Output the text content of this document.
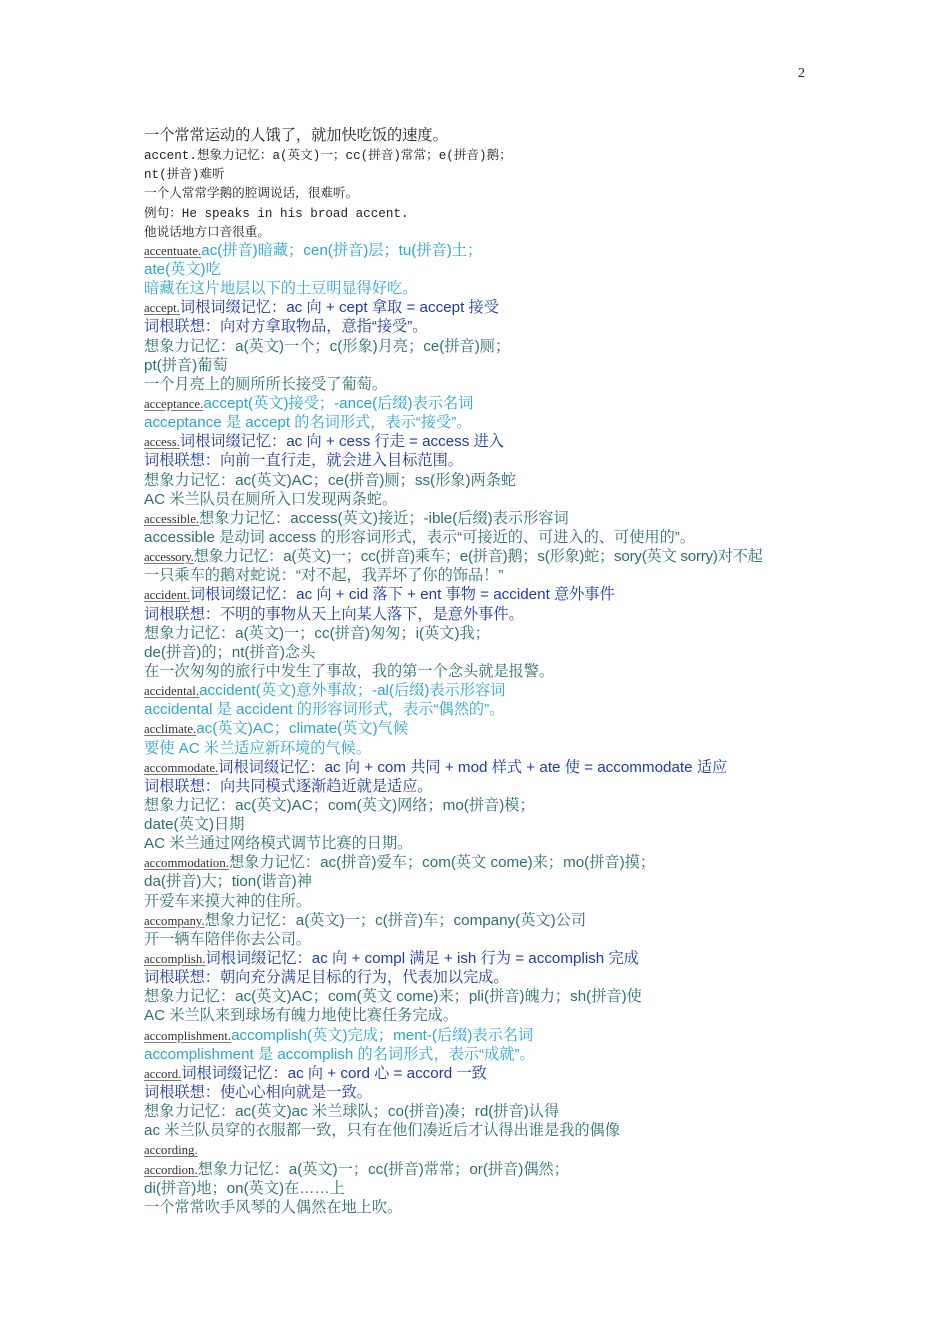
2
一个常常运动的人饿了，就加快吃饭的速度。
accent.想象力记忆：a(英文)一；cc(拼音)常常；e(拼音)鹅；
nt(拼音)难听
一个人常常学鹅的腔调说话，很难听。
例句：He speaks in his broad accent.
他说话地方口音很重。
accentuate.ac(拼音)暗藏；cen(拼音)层；tu(拼音)土；
ate(英文)吃
暗藏在这片地层以下的土豆明显得好吃。
accept.词根词缀记忆：ac 向 + cept 拿取 = accept 接受
词根联想：向对方拿取物品，意指“接受”。
想象力记忆：a(英文)一个；c(形象)月亮；ce(拼音)厕；
pt(拼音)葡萄
一个月亮上的厕所所长接受了葡萄。
acceptance.accept(英文)接受；-ance(后缀)表示名词
acceptance 是 accept 的名词形式，表示“接受”。
access.词根词缀记忆：ac 向 + cess 行走 = access 进入
词根联想：向前一直行走，就会进入目标范围。
想象力记忆：ac(英文)AC；ce(拼音)厕；ss(形象)两条蛇
AC 米兰队员在厕所入口发现两条蛇。
accessible.想象力记忆：access(英文)接近；-ible(后缀)表示形容词
accessible 是动词 access 的形容词形式，表示“可接近的、可进入的、可使用的”。
accessory.想象力记忆：a(英文)一；cc(拼音)乘车；e(拼音)鹅；s(形象)蛇；sory(英文 sorry)对不起
一只乘车的鹅对蛇说：“对不起，我弄坏了你的饰品！”
accident.词根词缀记忆：ac 向 + cid 落下 + ent 事物 = accident 意外事件
词根联想：不明的事物从天上向某人落下，是意外事件。
想象力记忆：a(英文)一；cc(拼音)匆匆；i(英文)我；
de(拼音)的；nt(拼音)念头
在一次匆匆的旅行中发生了事故，我的第一个念头就是报警。
accidental.accident(英文)意外事故；-al(后缀)表示形容词
accidental 是 accident 的形容词形式，表示“偶然的”。
acclimate.ac(英文)AC；climate(英文)气候
要使 AC 米兰适应新环境的气候。
accommodate.词根词缀记忆：ac 向 + com 共同 + mod 样式 + ate 使 = accommodate 适应
词根联想：向共同模式逐渐趋近就是适应。
想象力记忆：ac(英文)AC；com(英文)网络；mo(拼音)模；
date(英文)日期
AC 米兰通过网络模式调节比赛的日期。
accommodation.想象力记忆：ac(拼音)爱车；com(英文 come)来；mo(拼音)摸；
da(拼音)大；tion(谐音)神
开爱车来摸大神的住所。
accompany.想象力记忆：a(英文)一；c(拼音)车；company(英文)公司
开一辆车陪伴你去公司。
accomplish.词根词缀记忆：ac 向 + compl 满足 + ish 行为 = accomplish 完成
词根联想：朝向充分满足目标的行为，代表加以完成。
想象力记忆：ac(英文)AC；com(英文 come)来；pli(拼音)魄力；sh(拼音)使
AC 米兰队来到球场有魄力地使比赛任务完成。
accomplishment.accomplish(英文)完成；ment-(后缀)表示名词
accomplishment 是 accomplish 的名词形式，表示“成就”。
accord.词根词缀记忆：ac 向 + cord 心 = accord 一致
词根联想：使心心相向就是一致。
想象力记忆：ac(英文)ac 米兰球队；co(拼音)凑；rd(拼音)认得
ac 米兰队员穿的衣服都一致，只有在他们凑近后才认得出谁是我的偶像
according.
accordion.想象力记忆：a(英文)一；cc(拼音)常常；or(拼音)偶然；
di(拼音)地；on(英文)在……上
一个常常吹手风琴的人偶然在地上吹。
